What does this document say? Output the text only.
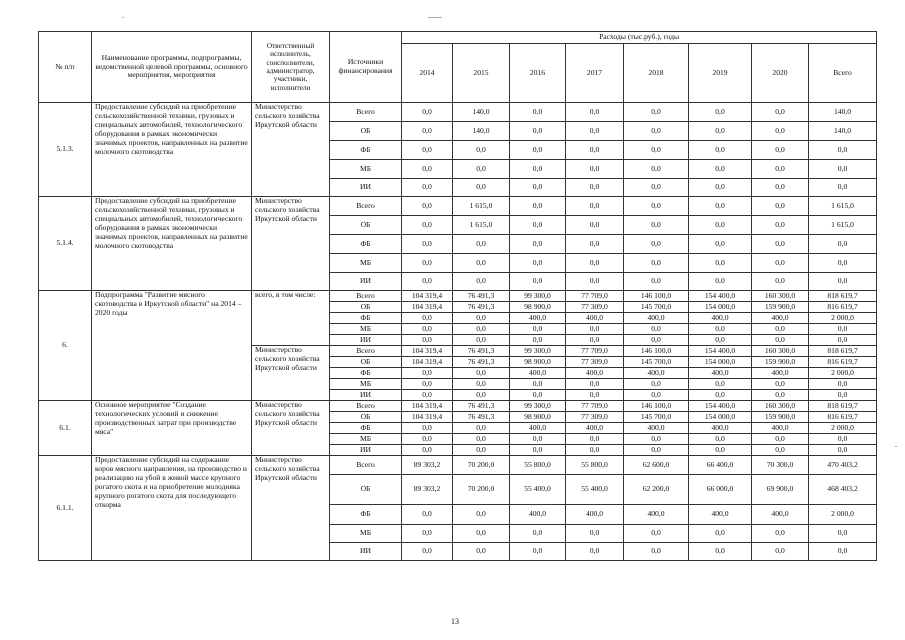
№ п/п	Наименование программы, подпрограммы, ведомственной целевой программы, основного мероприятия, мероприятия	Ответственный исполнитель, соисполнители, администратор, участники, исполнители	Источники финансирования	Расходы (тыс.руб.), годы							
				2014	2015	2016	2017	2018	2019	2020	Всего
5.1.3.	Предоставление субсидий на приобретение сельскохозяйственной техники, грузовых и специальных автомобилей, технологического оборудования в рамках экономически значимых проектов, направленных на развитие молочного скотоводства	Министерство сельского хозяйства Иркутской области	Всего	0,0	140,0	0,0	0,0	0,0	0,0	0,0	140,0
			ОБ	0,0	140,0	0,0	0,0	0,0	0,0	0,0	140,0
			ФБ	0,0	0,0	0,0	0,0	0,0	0,0	0,0	0,0
			МБ	0,0	0,0	0,0	0,0	0,0	0,0	0,0	0,0
			ИИ	0,0	0,0	0,0	0,0	0,0	0,0	0,0	0,0
5.1.4.	Предоставление субсидий на приобретение сельскохозяйственной техники, грузовых и специальных автомобилей, технологического оборудования в рамках экономически значимых проектов, направленных на развитие молочного скотоводства	Министерство сельского хозяйства Иркутской области	Всего	0,0	1 615,0	0,0	0,0	0,0	0,0	0,0	1 615,0
			ОБ	0,0	1 615,0	0,0	0,0	0,0	0,0	0,0	1 615,0
			ФБ	0,0	0,0	0,0	0,0	0,0	0,0	0,0	0,0
			МБ	0,0	0,0	0,0	0,0	0,0	0,0	0,0	0,0
			ИИ	0,0	0,0	0,0	0,0	0,0	0,0	0,0	0,0
6.	Подпрограмма "Развитие мясного скотоводства в Иркутской области" на 2014 – 2020 годы	всего, в том числе:	Всего	104 319,4	76 491,3	99 300,0	77 709,0	146 100,0	154 400,0	160 300,0	818 619,7
			ОБ	104 319,4	76 491,3	98 900,0	77 309,0	145 700,0	154 000,0	159 900,0	816 619,7
			ФБ	0,0	0,0	400,0	400,0	400,0	400,0	400,0	2 000,0
			МБ	0,0	0,0	0,0	0,0	0,0	0,0	0,0	0,0
			ИИ	0,0	0,0	0,0	0,0	0,0	0,0	0,0	0,0
		Министерство сельского хозяйства Иркутской области	Всего	104 319,4	76 491,3	99 300,0	77 709,0	146 100,0	154 400,0	160 300,0	818 619,7
			ОБ	104 319,4	76 491,3	98 900,0	77 309,0	145 700,0	154 000,0	159 900,0	816 619,7
			ФБ	0,0	0,0	400,0	400,0	400,0	400,0	400,0	2 000,0
			МБ	0,0	0,0	0,0	0,0	0,0	0,0	0,0	0,0
			ИИ	0,0	0,0	0,0	0,0	0,0	0,0	0,0	0,0
6.1.	Основное мероприятие "Создание технологических условий и снижение производственных затрат при производстве мяса"	Министерство сельского хозяйства Иркутской области	Всего	104 319,4	76 491,3	99 300,0	77 709,0	146 100,0	154 400,0	160 300,0	818 619,7
			ОБ	104 319,4	76 491,3	98 900,0	77 309,0	145 700,0	154 000,0	159 900,0	816 619,7
			ФБ	0,0	0,0	400,0	400,0	400,0	400,0	400,0	2 000,0
			МБ	0,0	0,0	0,0	0,0	0,0	0,0	0,0	0,0
			ИИ	0,0	0,0	0,0	0,0	0,0	0,0	0,0	0,0
6.1.1.	Предоставление субсидий на содержание коров мясного направления, на производство и реализацию на убой в живой массе крупного рогатого скота и на приобретение молодняка крупного рогатого скота для последующего откорма	Министерство сельского хозяйства Иркутской области	Всего	89 303,2	70 200,0	55 800,0	55 800,0	62 600,0	66 400,0	70 300,0	470 403,2
			ОБ	89 303,2	70 200,0	55 400,0	55 400,0	62 200,0	66 000,0	69 900,0	468 403,2
			ФБ	0,0	0,0	400,0	400,0	400,0	400,0	400,0	2 000,0
			МБ	0,0	0,0	0,0	0,0	0,0	0,0	0,0	0,0
			ИИ	0,0	0,0	0,0	0,0	0,0	0,0	0,0	0,0
13
